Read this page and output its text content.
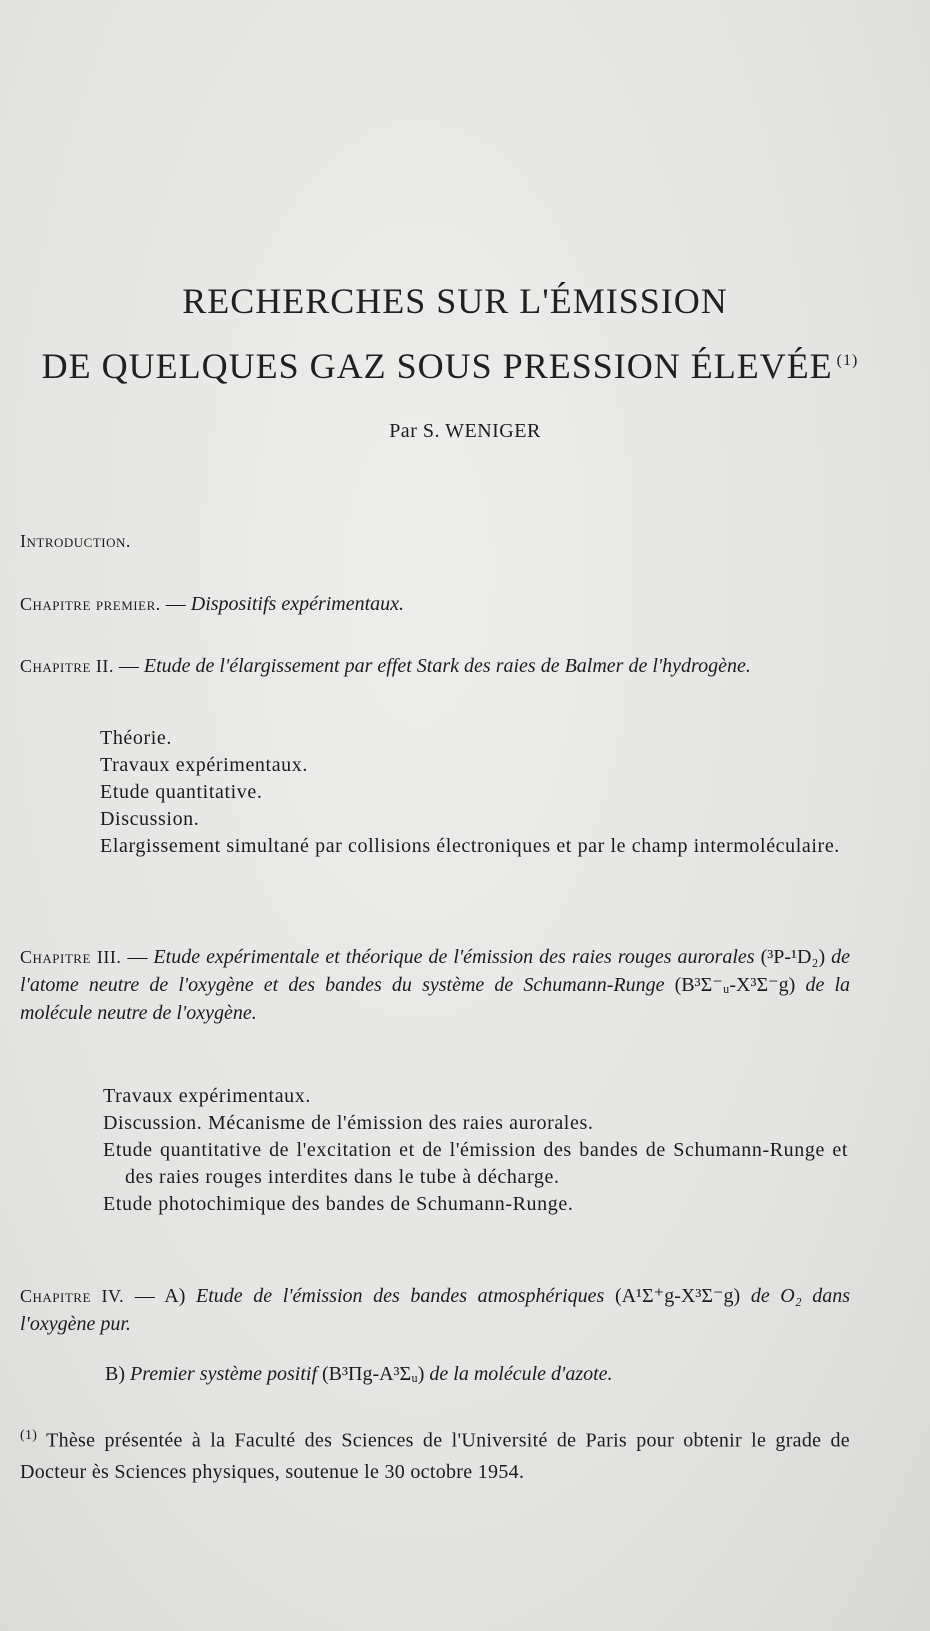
RECHERCHES SUR L'ÉMISSION
DE QUELQUES GAZ SOUS PRESSION ÉLEVÉE $^{(1)}$
Par S. WENIGER
Introduction.
Chapitre premier. — Dispositifs expérimentaux.
Chapitre II. — Etude de l'élargissement par effet Stark des raies de Balmer de l'hydrogène.
Théorie.
Travaux expérimentaux.
Etude quantitative.
Discussion.
Elargissement simultané par collisions électroniques et par le champ intermoléculaire.
Chapitre III. — Etude expérimentale et théorique de l'émission des raies rouges aurorales (³P-¹D₂) de l'atome neutre de l'oxygène et des bandes du système de Schumann-Runge (B³Σ⁻ᵤ-X³Σ⁻g) de la molécule neutre de l'oxygène.
Travaux expérimentaux.
Discussion. Mécanisme de l'émission des raies aurorales.
Etude quantitative de l'excitation et de l'émission des bandes de Schumann-Runge et des raies rouges interdites dans le tube à décharge.
Etude photochimique des bandes de Schumann-Runge.
Chapitre IV. — A) Etude de l'émission des bandes atmosphériques (A¹Σ⁺g-X³Σ⁻g) de O₂ dans l'oxygène pur.
B) Premier système positif (B³Πg-A³Σᵤ) de la molécule d'azote.
$^{(1)}$ Thèse présentée à la Faculté des Sciences de l'Université de Paris pour obtenir le grade de Docteur ès Sciences physiques, soutenue le 30 octobre 1954.
